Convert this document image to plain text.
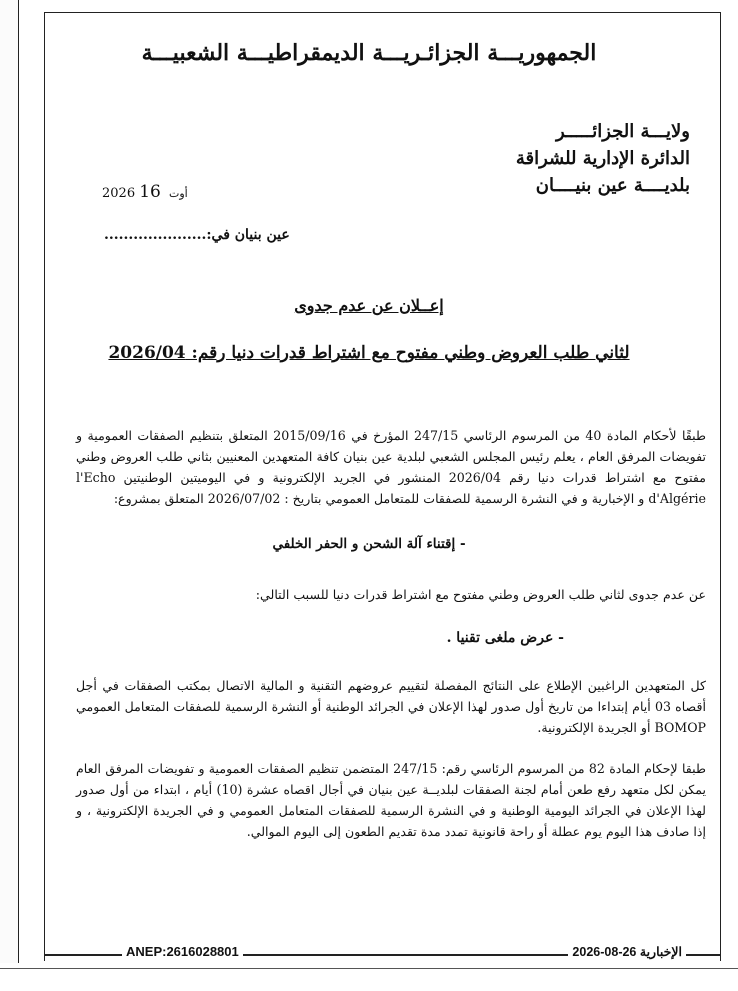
الجمهوريـــة الجزائـريـــة الديمقراطيـــة الشعبيـــة
ولايـــة الجزائـــــر
الدائرة الإدارية للشراقة
بلديــــة عين بنيــــان
2026	أوت 16
عين بنيان في:.....................
إعــلان عن عدم جدوى
لثاني طلب العروض وطني مفتوح مع اشتراط قدرات دنيا رقم: 2026/04
طبقًا لأحكام المادة 40 من المرسوم الرئاسي 247/15 المؤرخ في 2015/09/16 المتعلق بتنظيم الصفقات العمومية و تفويضات المرفق العام ، يعلم رئيس المجلس الشعبي لبلدية عين بنيان كافة المتعهدين المعنيين بثاني طلب العروض وطني مفتوح مع اشتراط قدرات دنيا رقم 2026/04 المنشور في الجريد الإلكترونية و في اليوميتين الوطنيتين l'Echo d'Algérie و الإخبارية و في النشرة الرسمية للصفقات للمتعامل العمومي بتاريخ : 2026/07/02 المتعلق بمشروع:
- إقتناء آلة الشحن و الحفر الخلفي
عن عدم جدوى لثاني طلب العروض وطني مفتوح مع اشتراط قدرات دنيا للسبب التالي:
- عرض ملغى تقنيا .
كل المتعهدين الراغبين الإطلاع على النتائج المفصلة لتقييم عروضهم التقنية و المالية الاتصال بمكتب الصفقات في أجل أقصاه 03 أيام إبتداءا من تاريخ أول صدور لهذا الإعلان في الجرائد الوطنية أو النشرة الرسمية للصفقات المتعامل العمومي BOMOP أو الجريدة الإلكترونية.
طبقا لإحكام المادة 82 من المرسوم الرئاسي رقم: 247/15 المتضمن تنظيم الصفقات العمومية و تفويضات المرفق العام يمكن لكل متعهد رفع طعن أمام لجنة الصفقات لبلديــة عين بنيان في أجال اقصاه عشرة (10) أيام ، ابتداء من أول صدور لهذا الإعلان في الجرائد اليومية الوطنية و في النشرة الرسمية للصفقات المتعامل العمومي و في الجريدة الإلكترونية ، و إذا صادف هذا اليوم يوم عطلة أو راحة قانونية تمدد مدة تقديم الطعون إلى اليوم الموالي.
ANEP:2616028801	الإخبارية 26-08-2026
